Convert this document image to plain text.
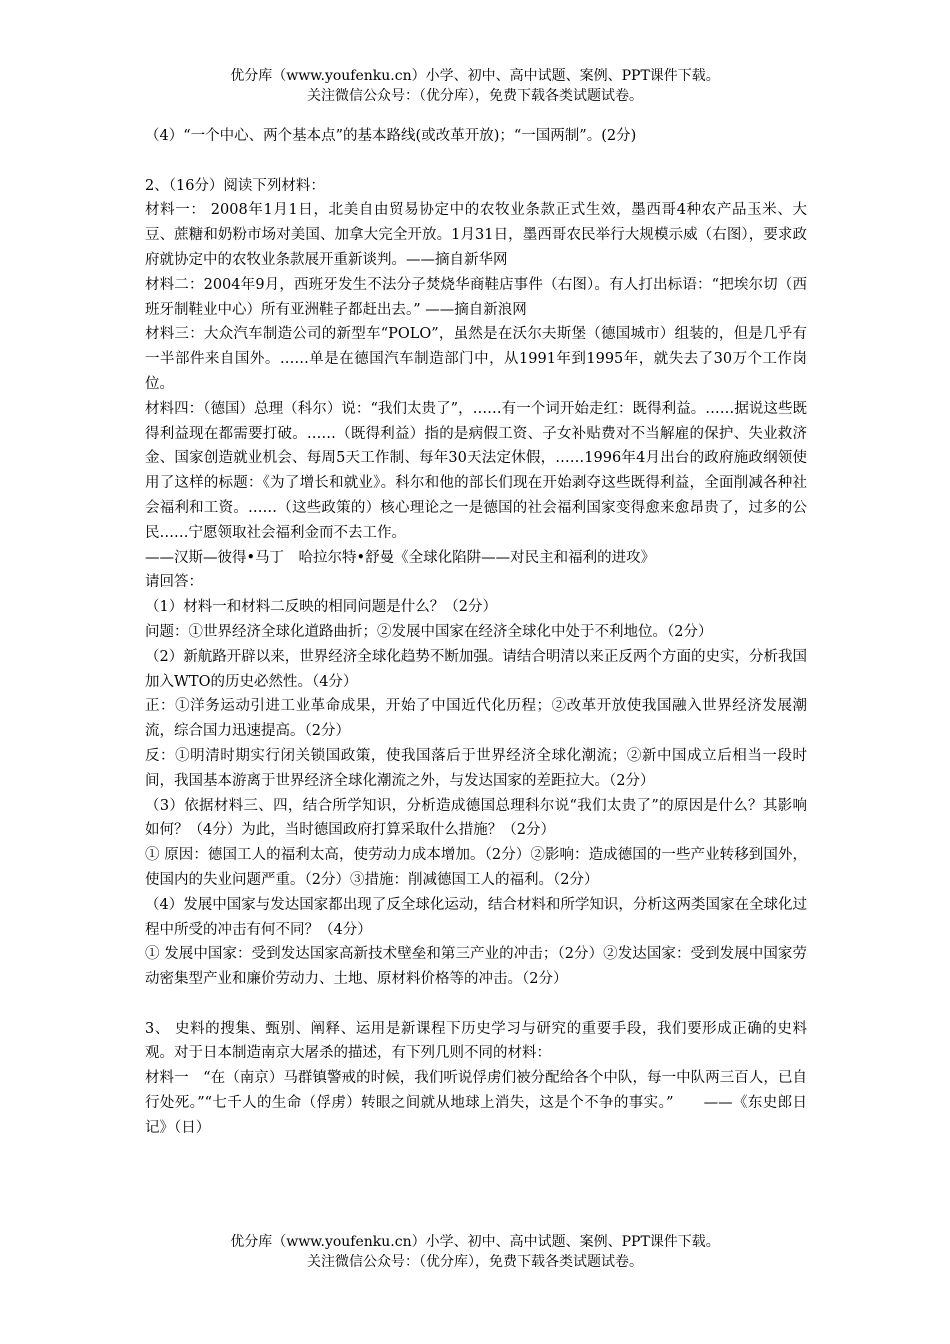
优分库（www.youfenku.cn）小学、初中、高中试题、案例、PPT课件下载。
关注微信公众号：（优分库），免费下载各类试题试卷。

（4）“一个中心、两个基本点”的基本路线(或改革开放)；“一国两制”。(2分)

2、（16分）阅读下列材料：

材料一： 2008年1月1日，北美自由贸易协定中的农牧业条款正式生效，墨西哥4种农产品玉米、大豆、蔗糖和奶粉市场对美国、加拿大完全开放。1月31日，墨西哥农民举行大规模示威（右图），要求政府就协定中的农牧业条款展开重新谈判。——摘自新华网

材料二：2004年9月，西班牙发生不法分子焚烧华商鞋店事件（右图）。有人打出标语：“把埃尔切（西班牙制鞋业中心）所有亚洲鞋子都赶出去。” ——摘自新浪网

材料三：大众汽车制造公司的新型车“POLO”，虽然是在沃尔夫斯堡（德国城市）组装的，但是几乎有一半部件来自国外。……单是在德国汽车制造部门中，从1991年到1995年，就失去了30万个工作岗位。

材料四：（德国）总理（科尔）说：“我们太贵了”，……有一个词开始走红：既得利益。……据说这些既得利益现在都需要打破。……（既得利益）指的是病假工资、子女补贴费对不当解雇的保护、失业救济金、国家创造就业机会、每周5天工作制、每年30天法定休假，……1996年4月出台的政府施政纲领使用了这样的标题：《为了增长和就业》。科尔和他的部长们现在开始剥夺这些既得利益，全面削减各种社会福利和工资。……（这些政策的）核心理论之一是德国的社会福利国家变得愈来愈昂贵了，过多的公民……宁愿领取社会福利金而不去工作。

——汉斯—彼得•马丁　哈拉尔特•舒曼《全球化陷阱——对民主和福利的进攻》

请回答：

（1）材料一和材料二反映的相同问题是什么？（2分）

问题：①世界经济全球化道路曲折；②发展中国家在经济全球化中处于不利地位。（2分）

（2）新航路开辟以来，世界经济全球化趋势不断加强。请结合明清以来正反两个方面的史实，分析我国加入WTO的历史必然性。（4分）

正：①洋务运动引进工业革命成果，开始了中国近代化历程；②改革开放使我国融入世界经济发展潮流，综合国力迅速提高。（2分）

反：①明清时期实行闭关锁国政策，使我国落后于世界经济全球化潮流；②新中国成立后相当一段时间，我国基本游离于世界经济全球化潮流之外，与发达国家的差距拉大。（2分）

（3）依据材料三、四，结合所学知识，分析造成德国总理科尔说“我们太贵了”的原因是什么？其影响如何？（4分）为此，当时德国政府打算采取什么措施？（2分）

① 原因：德国工人的福利太高，使劳动力成本增加。（2分）②影响：造成德国的一些产业转移到国外，使国内的失业问题严重。（2分）③措施：削减德国工人的福利。（2分）

（4）发展中国家与发达国家都出现了反全球化运动，结合材料和所学知识，分析这两类国家在全球化过程中所受的冲击有何不同？（4分）

① 发展中国家：受到发达国家高新技术壁垒和第三产业的冲击；（2分）②发达国家：受到发展中国家劳动密集型产业和廉价劳动力、土地、原材料价格等的冲击。（2分）

3、 史料的搜集、甄别、阐释、运用是新课程下历史学习与研究的重要手段，我们要形成正确的史料观。对于日本制造南京大屠杀的描述，有下列几则不同的材料：

材料一　“在（南京）马群镇警戒的时候，我们听说俘虏们被分配给各个中队，每一中队两三百人，已自行处死。”“七千人的生命（俘虏）转眼之间就从地球上消失，这是个不争的事实。”　　——《东史郎日记》（日）

优分库（www.youfenku.cn）小学、初中、高中试题、案例、PPT课件下载。
关注微信公众号：（优分库），免费下载各类试题试卷。
